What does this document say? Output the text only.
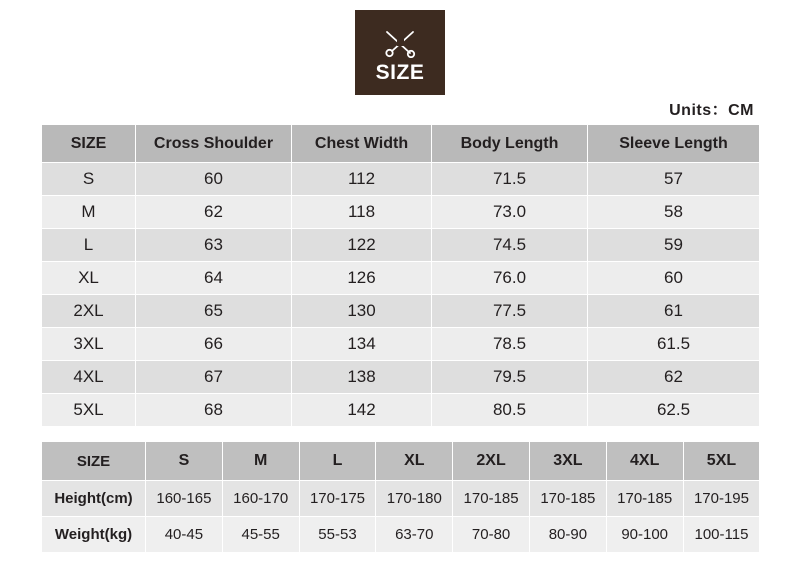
SIZE
Units：CM
SIZE	Cross Shoulder	Chest Width	Body Length	Sleeve Length
S	60	112	71.5	57
M	62	118	73.0	58
L	63	122	74.5	59
XL	64	126	76.0	60
2XL	65	130	77.5	61
3XL	66	134	78.5	61.5
4XL	67	138	79.5	62
5XL	68	142	80.5	62.5
SIZE	S	M	L	XL	2XL	3XL	4XL	5XL
Height(cm)	160-165	160-170	170-175	170-180	170-185	170-185	170-185	170-195
Weight(kg)	40-45	45-55	55-53	63-70	70-80	80-90	90-100	100-115
